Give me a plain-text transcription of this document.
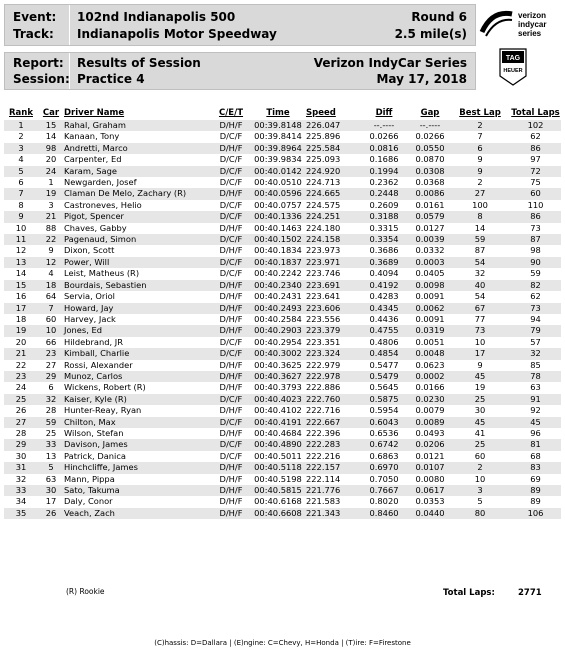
Event: 102nd Indianapolis 500	Round 6
Track: Indianapolis Motor Speedway	2.5 mile(s)
Report: Results of Session	Verizon IndyCar Series
Session: Practice 4	May 17, 2018
verizon
indycar
series
TAG
HEUER
Rank	Car	Driver Name	C/E/T	Time	Speed	Diff	Gap	Best Lap	Total Laps
1	15	Rahal, Graham	D/H/F	00:39.8148	226.047	--.----	--.----	2	102
2	14	Kanaan, Tony	D/C/F	00:39.8414	225.896	0.0266	0.0266	7	62
3	98	Andretti, Marco	D/H/F	00:39.8964	225.584	0.0816	0.0550	6	86
4	20	Carpenter, Ed	D/C/F	00:39.9834	225.093	0.1686	0.0870	9	97
5	24	Karam, Sage	D/C/F	00:40.0142	224.920	0.1994	0.0308	9	72
6	1	Newgarden, Josef	D/C/F	00:40.0510	224.713	0.2362	0.0368	2	75
7	19	Claman De Melo, Zachary (R)	D/H/F	00:40.0596	224.665	0.2448	0.0086	27	60
8	3	Castroneves, Helio	D/C/F	00:40.0757	224.575	0.2609	0.0161	100	110
9	21	Pigot, Spencer	D/C/F	00:40.1336	224.251	0.3188	0.0579	8	86
10	88	Chaves, Gabby	D/H/F	00:40.1463	224.180	0.3315	0.0127	14	73
11	22	Pagenaud, Simon	D/C/F	00:40.1502	224.158	0.3354	0.0039	59	87
12	9	Dixon, Scott	D/H/F	00:40.1834	223.973	0.3686	0.0332	87	98
13	12	Power, Will	D/C/F	00:40.1837	223.971	0.3689	0.0003	54	90
14	4	Leist, Matheus (R)	D/C/F	00:40.2242	223.746	0.4094	0.0405	32	59
15	18	Bourdais, Sebastien	D/H/F	00:40.2340	223.691	0.4192	0.0098	40	82
16	64	Servia, Oriol	D/H/F	00:40.2431	223.641	0.4283	0.0091	54	62
17	7	Howard, Jay	D/H/F	00:40.2493	223.606	0.4345	0.0062	67	73
18	60	Harvey, Jack	D/H/F	00:40.2584	223.556	0.4436	0.0091	77	94
19	10	Jones, Ed	D/H/F	00:40.2903	223.379	0.4755	0.0319	73	79
20	66	Hildebrand, JR	D/C/F	00:40.2954	223.351	0.4806	0.0051	10	57
21	23	Kimball, Charlie	D/C/F	00:40.3002	223.324	0.4854	0.0048	17	32
22	27	Rossi, Alexander	D/H/F	00:40.3625	222.979	0.5477	0.0623	9	85
23	29	Munoz, Carlos	D/H/F	00:40.3627	222.978	0.5479	0.0002	45	78
24	6	Wickens, Robert (R)	D/H/F	00:40.3793	222.886	0.5645	0.0166	19	63
25	32	Kaiser, Kyle (R)	D/C/F	00:40.4023	222.760	0.5875	0.0230	25	91
26	28	Hunter-Reay, Ryan	D/H/F	00:40.4102	222.716	0.5954	0.0079	30	92
27	59	Chilton, Max	D/C/F	00:40.4191	222.667	0.6043	0.0089	45	45
28	25	Wilson, Stefan	D/H/F	00:40.4684	222.396	0.6536	0.0493	41	96
29	33	Davison, James	D/C/F	00:40.4890	222.283	0.6742	0.0206	25	81
30	13	Patrick, Danica	D/C/F	00:40.5011	222.216	0.6863	0.0121	60	68
31	5	Hinchcliffe, James	D/H/F	00:40.5118	222.157	0.6970	0.0107	2	83
32	63	Mann, Pippa	D/H/F	00:40.5198	222.114	0.7050	0.0080	10	69
33	30	Sato, Takuma	D/H/F	00:40.5815	221.776	0.7667	0.0617	3	89
34	17	Daly, Conor	D/H/F	00:40.6168	221.583	0.8020	0.0353	5	89
35	26	Veach, Zach	D/H/F	00:40.6608	221.343	0.8460	0.0440	80	106
(R) Rookie	Total Laps:	2771
(C)hassis: D=Dallara | (E)ngine: C=Chevy, H=Honda | (T)ire: F=Firestone
